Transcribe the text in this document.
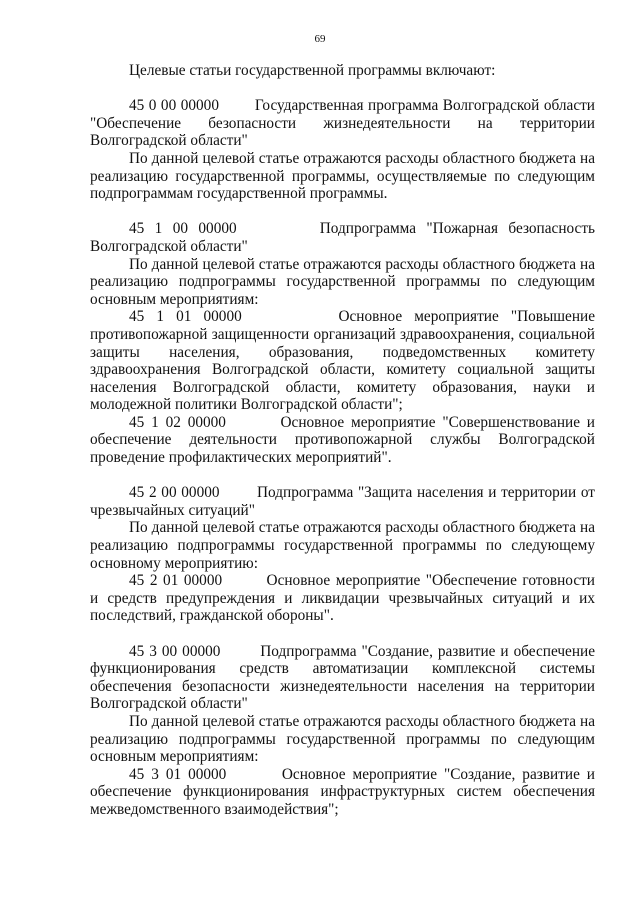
69
Целевые статьи государственной программы включают:
45 0 00 00000        Государственная программа Волгоградской области
"Обеспечение безопасности жизнедеятельности на территории
Волгоградской области"
По данной целевой статье отражаются расходы областного бюджета на
реализацию государственной программы, осуществляемые по следующим
подпрограммам государственной программы.
45 1 00 00000        Подпрограмма "Пожарная безопасность
Волгоградской области"
По данной целевой статье отражаются расходы областного бюджета на
реализацию подпрограммы государственной программы по следующим
основным мероприятиям:
45 1 01 00000        Основное мероприятие "Повышение
противопожарной защищенности организаций здравоохранения, социальной
защиты населения, образования, подведомственных комитету
здравоохранения Волгоградской области, комитету социальной защиты
населения Волгоградской области, комитету образования, науки и
молодежной политики Волгоградской области";
45 1 02 00000        Основное мероприятие "Совершенствование и
обеспечение деятельности противопожарной службы Волгоградской
проведение профилактических мероприятий".
45 2 00 00000        Подпрограмма "Защита населения и территории от
чрезвычайных ситуаций"
По данной целевой статье отражаются расходы областного бюджета на
реализацию подпрограммы государственной программы по следующему
основному мероприятию:
45 2 01 00000        Основное мероприятие "Обеспечение готовности
и средств предупреждения и ликвидации чрезвычайных ситуаций и их
последствий, гражданской обороны".
45 3 00 00000        Подпрограмма "Создание, развитие и обеспечение
функционирования средств автоматизации комплексной системы
обеспечения безопасности жизнедеятельности населения на территории
Волгоградской области"
По данной целевой статье отражаются расходы областного бюджета на
реализацию подпрограммы государственной программы по следующим
основным мероприятиям:
45 3 01 00000        Основное мероприятие "Создание, развитие и
обеспечение функционирования инфраструктурных систем обеспечения
межведомственного взаимодействия";
